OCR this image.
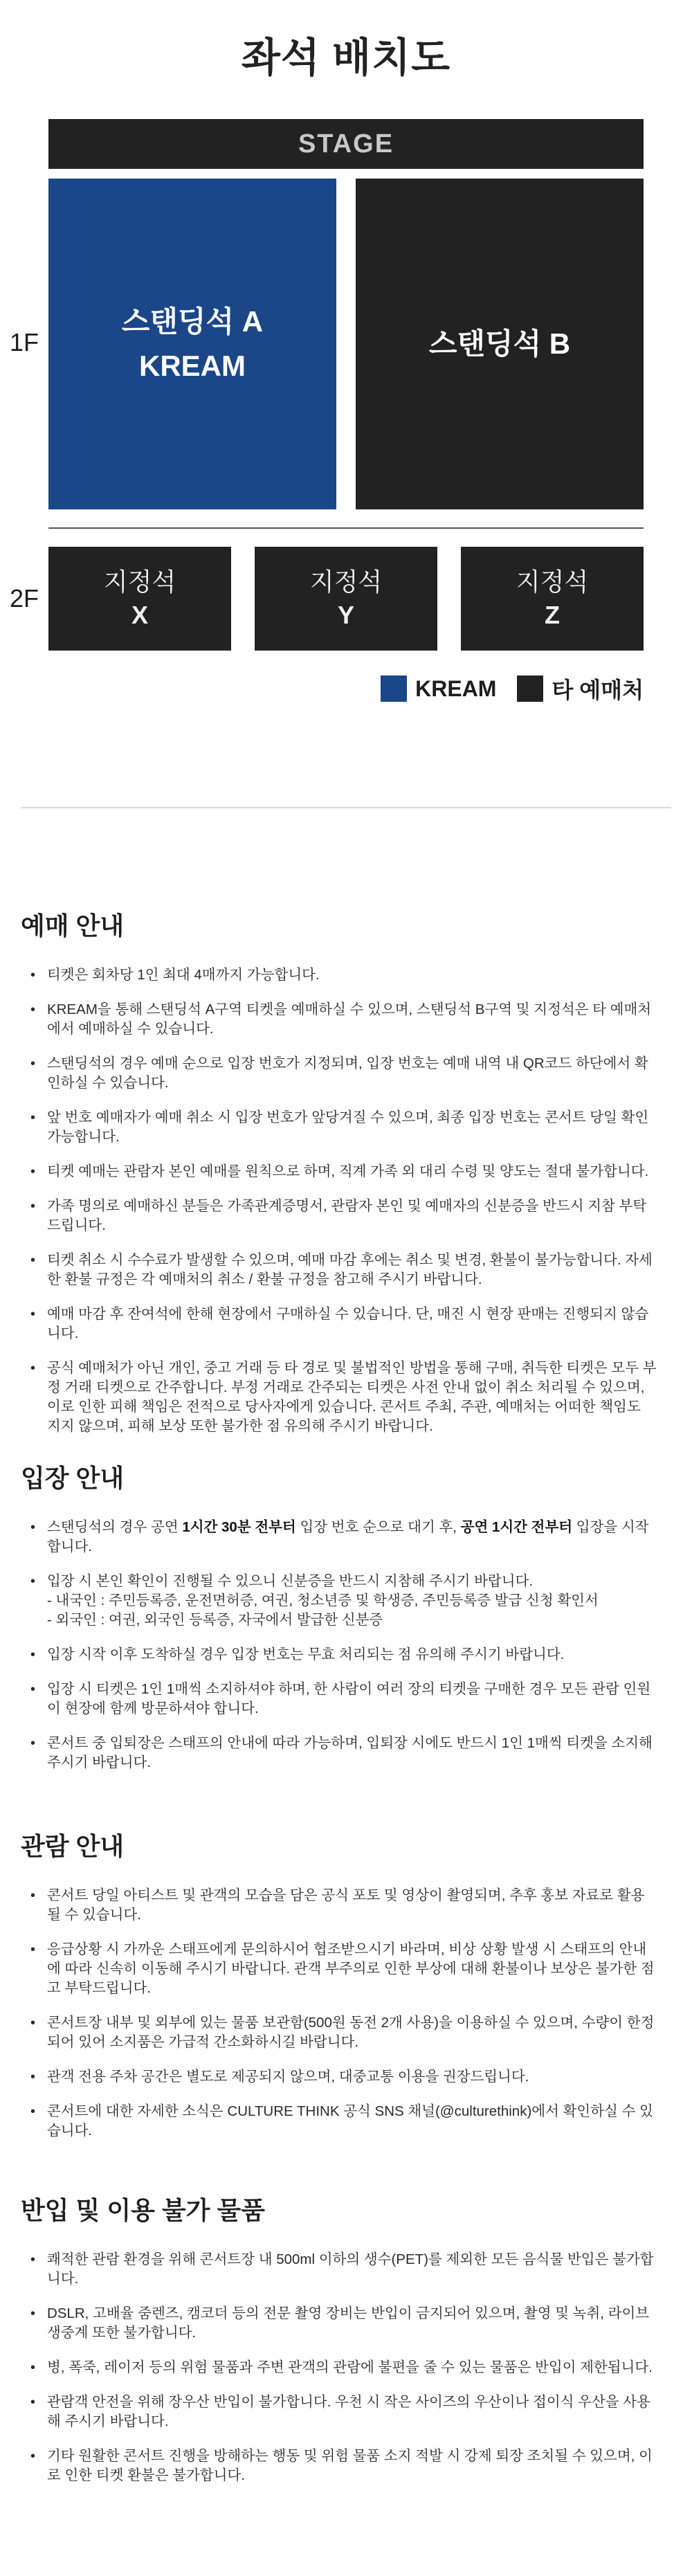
좌석 배치도
STAGE
1F
스탠딩석 A
KREAM
스탠딩석 B
2F
지정석
X
지정석
Y
지정석
Z
KREAM	타 예매처
예매 안내
• 티켓은 회차당 1인 최대 4매까지 가능합니다.
• KREAM을 통해 스탠딩석 A구역 티켓을 예매하실 수 있으며, 스탠딩석 B구역 및 지정석은 타 예매처에서 예매하실 수 있습니다.
• 스탠딩석의 경우 예매 순으로 입장 번호가 지정되며, 입장 번호는 예매 내역 내 QR코드 하단에서 확인하실 수 있습니다.
• 앞 번호 예매자가 예매 취소 시 입장 번호가 앞당겨질 수 있으며, 최종 입장 번호는 콘서트 당일 확인 가능합니다.
• 티켓 예매는 관람자 본인 예매를 원칙으로 하며, 직계 가족 외 대리 수령 및 양도는 절대 불가합니다.
• 가족 명의로 예매하신 분들은 가족관계증명서, 관람자 본인 및 예매자의 신분증을 반드시 지참 부탁드립니다.
• 티켓 취소 시 수수료가 발생할 수 있으며, 예매 마감 후에는 취소 및 변경, 환불이 불가능합니다. 자세한 환불 규정은 각 예매처의 취소 / 환불 규정을 참고해 주시기 바랍니다.
• 예매 마감 후 잔여석에 한해 현장에서 구매하실 수 있습니다. 단, 매진 시 현장 판매는 진행되지 않습니다.
• 공식 예매처가 아닌 개인, 중고 거래 등 타 경로 및 불법적인 방법을 통해 구매, 취득한 티켓은 모두 부정 거래 티켓으로 간주합니다. 부정 거래로 간주되는 티켓은 사전 안내 없이 취소 처리될 수 있으며, 이로 인한 피해 책임은 전적으로 당사자에게 있습니다. 콘서트 주최, 주관, 예매처는 어떠한 책임도 지지 않으며, 피해 보상 또한 불가한 점 유의해 주시기 바랍니다.
입장 안내
• 스탠딩석의 경우 공연 1시간 30분 전부터 입장 번호 순으로 대기 후, 공연 1시간 전부터 입장을 시작합니다.
• 입장 시 본인 확인이 진행될 수 있으니 신분증을 반드시 지참해 주시기 바랍니다.
- 내국인 : 주민등록증, 운전면허증, 여권, 청소년증 및 학생증, 주민등록증 발급 신청 확인서
- 외국인 : 여권, 외국인 등록증, 자국에서 발급한 신분증
• 입장 시작 이후 도착하실 경우 입장 번호는 무효 처리되는 점 유의해 주시기 바랍니다.
• 입장 시 티켓은 1인 1매씩 소지하셔야 하며, 한 사람이 여러 장의 티켓을 구매한 경우 모든 관람 인원이 현장에 함께 방문하셔야 합니다.
• 콘서트 중 입퇴장은 스태프의 안내에 따라 가능하며, 입퇴장 시에도 반드시 1인 1매씩 티켓을 소지해 주시기 바랍니다.
관람 안내
• 콘서트 당일 아티스트 및 관객의 모습을 담은 공식 포토 및 영상이 촬영되며, 추후 홍보 자료로 활용될 수 있습니다.
• 응급상황 시 가까운 스태프에게 문의하시어 협조받으시기 바라며, 비상 상황 발생 시 스태프의 안내에 따라 신속히 이동해 주시기 바랍니다. 관객 부주의로 인한 부상에 대해 환불이나 보상은 불가한 점 고 부탁드립니다.
• 콘서트장 내부 및 외부에 있는 물품 보관함(500원 동전 2개 사용)을 이용하실 수 있으며, 수량이 한정되어 있어 소지품은 가급적 간소화하시길 바랍니다.
• 관객 전용 주차 공간은 별도로 제공되지 않으며, 대중교통 이용을 권장드립니다.
• 콘서트에 대한 자세한 소식은 CULTURE THINK 공식 SNS 채널(@culturethink)에서 확인하실 수 있습니다.
반입 및 이용 불가 물품
• 쾌적한 관람 환경을 위해 콘서트장 내 500ml 이하의 생수(PET)를 제외한 모든 음식물 반입은 불가합니다.
• DSLR, 고배율 줌렌즈, 캠코더 등의 전문 촬영 장비는 반입이 금지되어 있으며, 촬영 및 녹취, 라이브 생중계 또한 불가합니다.
• 병, 폭죽, 레이저 등의 위험 물품과 주변 관객의 관람에 불편을 줄 수 있는 물품은 반입이 제한됩니다.
• 관람객 안전을 위해 장우산 반입이 불가합니다. 우천 시 작은 사이즈의 우산이나 접이식 우산을 사용해 주시기 바랍니다.
• 기타 원활한 콘서트 진행을 방해하는 행동 및 위험 물품 소지 적발 시 강제 퇴장 조치될 수 있으며, 이로 인한 티켓 환불은 불가합니다.
